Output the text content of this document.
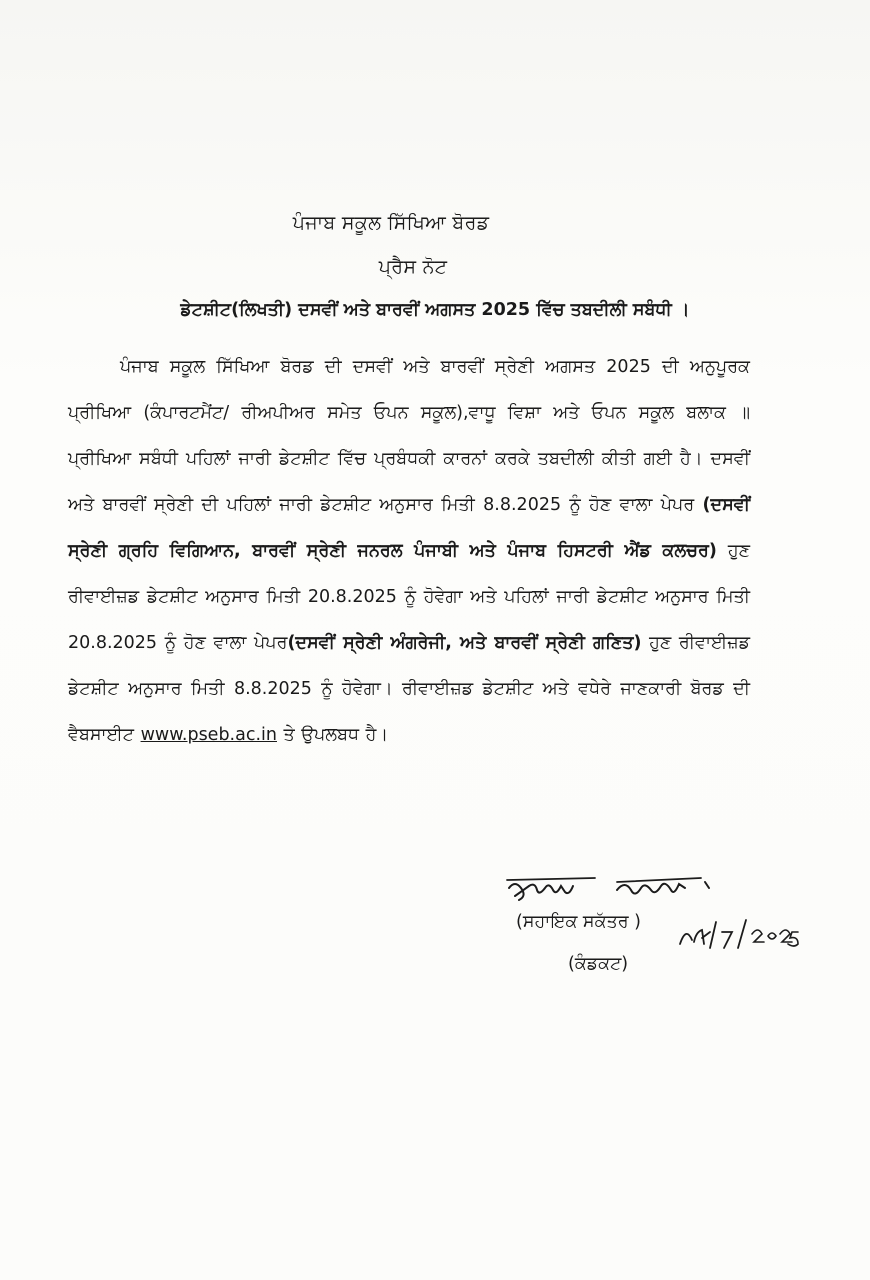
ਪੰਜਾਬ ਸਕੂਲ ਸਿੱਖਿਆ ਬੋਰਡ
ਪ੍ਰੈਸ ਨੋਟ
ਡੇਟਸ਼ੀਟ(ਲਿਖਤੀ) ਦਸਵੀਂ ਅਤੇ ਬਾਰਵੀਂ ਅਗਸਤ 2025 ਵਿੱਚ ਤਬਦੀਲੀ ਸਬੰਧੀ ।
ਪੰਜਾਬ ਸਕੂਲ ਸਿੱਖਿਆ ਬੋਰਡ ਦੀ ਦਸਵੀਂ ਅਤੇ ਬਾਰਵੀਂ ਸ੍ਰੇਣੀ ਅਗਸਤ 2025 ਦੀ ਅਨੁਪੂਰਕ ਪ੍ਰੀਖਿਆ (ਕੰਪਾਰਟਮੈਂਟ/ ਰੀਅਪੀਅਰ ਸਮੇਤ ਓਪਨ ਸਕੂਲ),ਵਾਧੂ ਵਿਸ਼ਾ ਅਤੇ ਓਪਨ ਸਕੂਲ ਬਲਾਕ ॥ ਪ੍ਰੀਖਿਆ ਸਬੰਧੀ ਪਹਿਲਾਂ ਜਾਰੀ ਡੇਟਸ਼ੀਟ ਵਿੱਚ ਪ੍ਰਬੰਧਕੀ ਕਾਰਨਾਂ ਕਰਕੇ ਤਬਦੀਲੀ ਕੀਤੀ ਗਈ ਹੈ। ਦਸਵੀਂ ਅਤੇ ਬਾਰਵੀਂ ਸ੍ਰੇਣੀ ਦੀ ਪਹਿਲਾਂ ਜਾਰੀ ਡੇਟਸ਼ੀਟ ਅਨੁਸਾਰ ਮਿਤੀ 8.8.2025 ਨੂੰ ਹੋਣ ਵਾਲਾ ਪੇਪਰ (ਦਸਵੀਂ ਸ੍ਰੇਣੀ ਗ੍ਰਹਿ ਵਿਗਿਆਨ, ਬਾਰਵੀਂ ਸ੍ਰੇਣੀ ਜਨਰਲ ਪੰਜਾਬੀ ਅਤੇ ਪੰਜਾਬ ਹਿਸਟਰੀ ਐਂਡ ਕਲਚਰ) ਹੁਣ ਰੀਵਾਈਜ਼ਡ ਡੇਟਸ਼ੀਟ ਅਨੁਸਾਰ ਮਿਤੀ 20.8.2025 ਨੂੰ ਹੋਵੇਗਾ ਅਤੇ ਪਹਿਲਾਂ ਜਾਰੀ ਡੇਟਸ਼ੀਟ ਅਨੁਸਾਰ ਮਿਤੀ 20.8.2025 ਨੂੰ ਹੋਣ ਵਾਲਾ ਪੇਪਰ(ਦਸਵੀਂ ਸ੍ਰੇਣੀ ਅੰਗਰੇਜੀ, ਅਤੇ ਬਾਰਵੀਂ ਸ੍ਰੇਣੀ ਗਣਿਤ) ਹੁਣ ਰੀਵਾਈਜ਼ਡ ਡੇਟਸ਼ੀਟ ਅਨੁਸਾਰ ਮਿਤੀ 8.8.2025 ਨੂੰ ਹੋਵੇਗਾ। ਰੀਵਾਈਜ਼ਡ ਡੇਟਸ਼ੀਟ ਅਤੇ ਵਧੇਰੇ ਜਾਣਕਾਰੀ ਬੋਰਡ ਦੀ ਵੈਬਸਾਈਟ www.pseb.ac.in ਤੇ ਉਪਲਬਧ ਹੈ।
(ਸਹਾਇਕ ਸਕੱਤਰ )
(ਕੰਡਕਟ)
